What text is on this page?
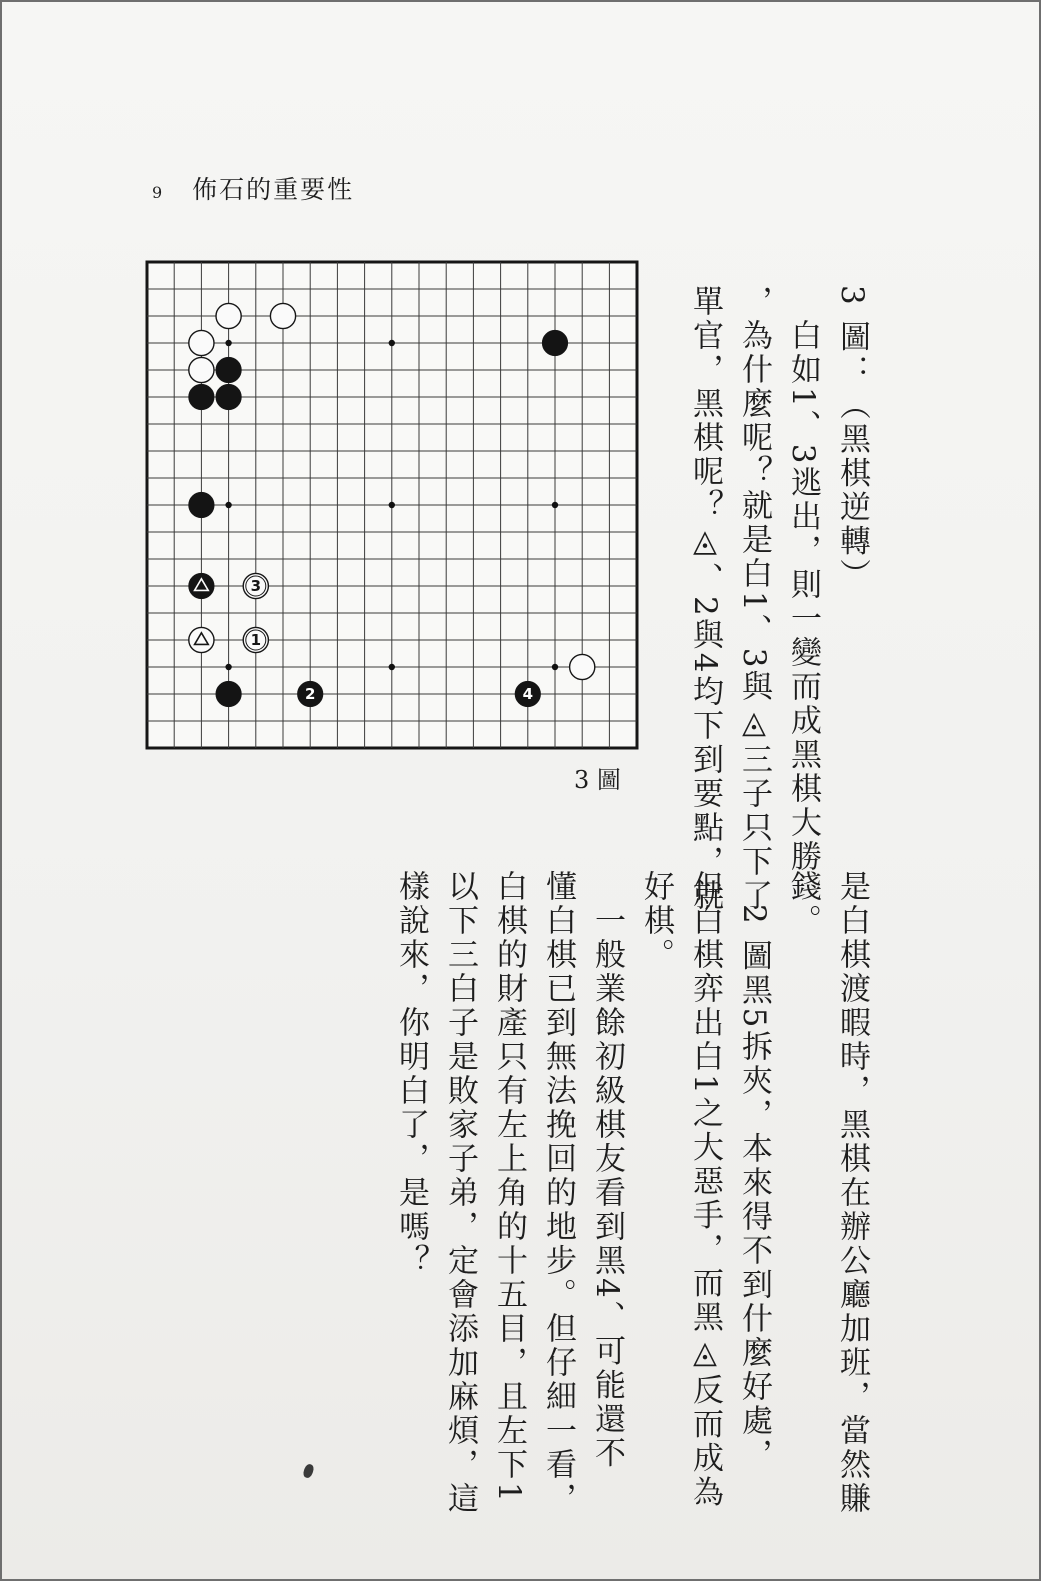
9 佈石的重要性
3
1
2	4
3 圖
3 圖：（黑棋逆轉）
　白如1、3逃出，則一變而成黑棋大勝
，為什麼呢？就是白1、3與◬三子只下了
單官，黑棋呢？◬、2與4均下到要點，就
是白棋渡暇時，黑棋在辦公廳加班，當然賺
錢。
　2 圖黑5拆夾，本來得不到什麼好處，
但白棋弈出白1之大惡手，而黑◬反而成為
好棋。
　一般業餘初級棋友看到黑4、可能還不
懂白棋已到無法挽回的地步。但仔細一看，
白棋的財產只有左上角的十五目，且左下1
以下三白子是敗家子弟，定會添加麻煩，這
樣說來，你明白了，是嗎？
